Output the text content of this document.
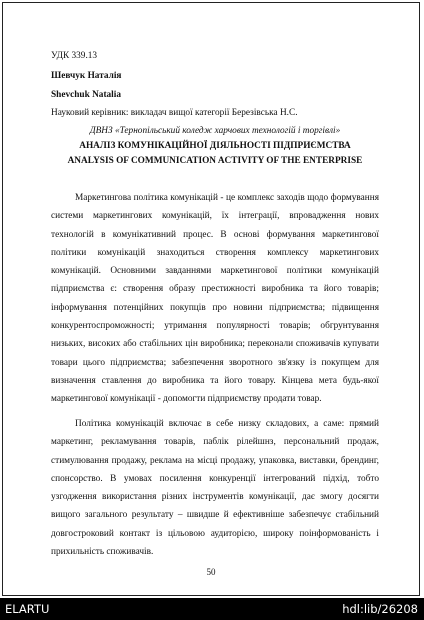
УДК 339.13
Шевчук Наталія
Shevchuk Natalia
Науковий керівник: викладач вищої категорії Березівська Н.С.
ДВНЗ «Тернопільський коледж харчових технологій і торгівлі»
АНАЛІЗ КОМУНІКАЦІЙНОЇ ДІЯЛЬНОСТІ ПІДПРИЄМСТВА
ANALYSIS OF COMMUNICATION ACTIVITY OF THE ENTERPRISE

Маркетингова політика комунікацій - це комплекс заходів щодо формування системи маркетингових комунікацій, їх інтеграції, впровадження нових технологій в комунікативний процес. В основі формування маркетингової політики комунікацій знаходиться створення комплексу маркетингових комунікацій. Основними завданнями маркетингової політики комунікацій підприємства є: створення образу престижності виробника та його товарів; інформування потенційних покупців про новини підприємства; підвищення конкурентоспроможності; утримання популярності товарів; обгрунтування низьких, високих або стабільних цін виробника; переконали споживачів купувати товари цього підприємства; забезпечення зворотного зв'язку із покупцем для визначення ставлення до виробника та його товару. Кінцева мета будь-якої маркетингової комунікації - допомогти підприємству продати товар.

Політика комунікацій включає в себе низку складових, а саме: прямий маркетинг, рекламування товарів, паблік рілейшнз, персональний продаж, стимулювання продажу, реклама на місці продажу, упаковка, виставки, брендинг, спонсорство. В умовах посилення конкуренції інтегрований підхід, тобто узгодження використання різних інструментів комунікації, дає змогу досягти вищого загального результату – швидше й ефективніше забезпечує стабільний довгостроковий контакт із цільовою аудиторією, широку поінформованість і прихильність споживачів.

50
ELARTU	hdl:lib/26208
